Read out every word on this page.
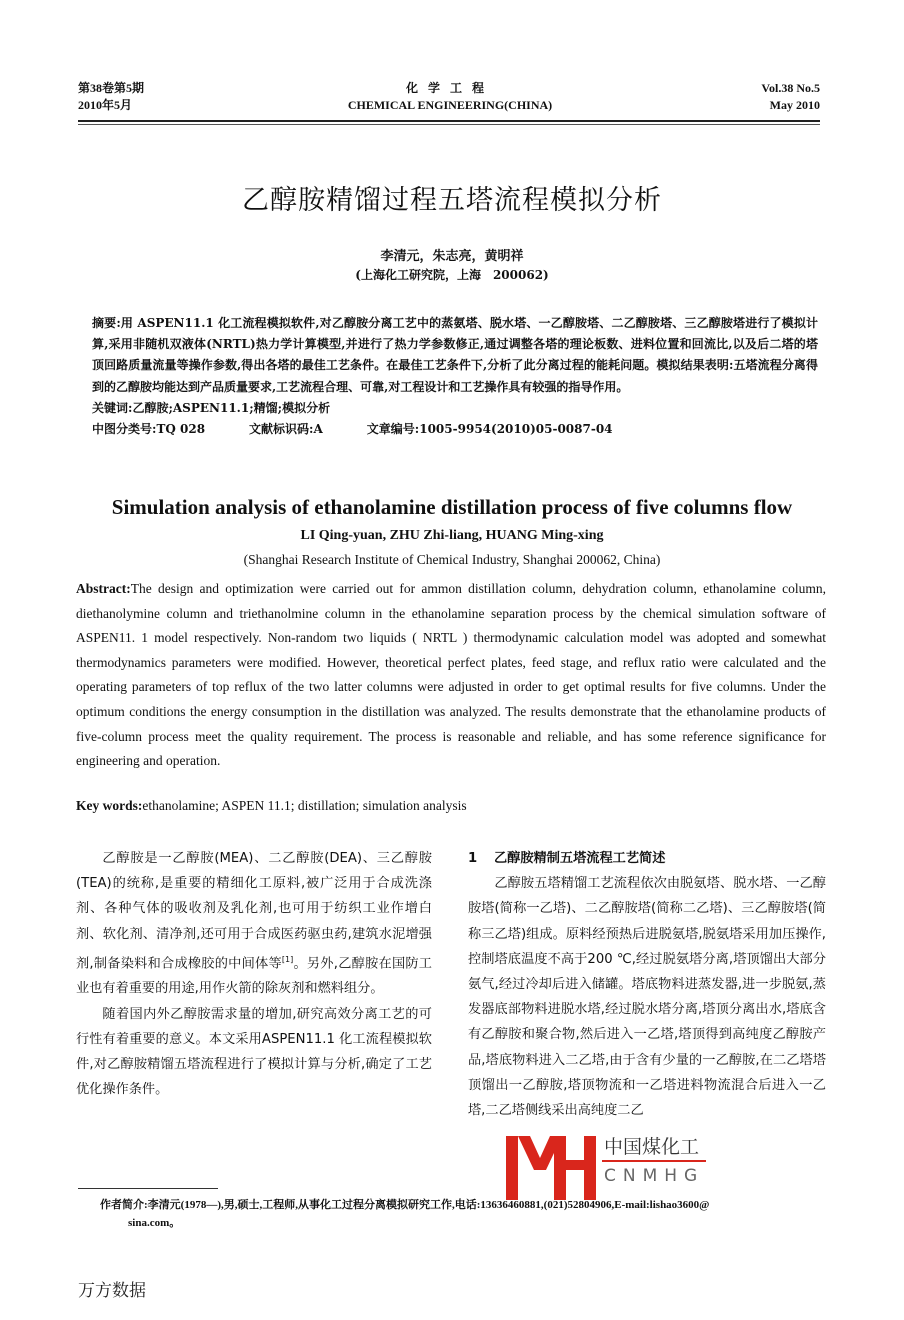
第38卷第5期
2010年5月
化学工程
CHEMICAL ENGINEERING(CHINA)
Vol.38 No.5
May 2010
乙醇胺精馏过程五塔流程模拟分析
李清元，朱志亮，黄明祥
(上海化工研究院，上海　200062)
摘要:用 ASPEN11.1 化工流程模拟软件,对乙醇胺分离工艺中的蒸氨塔、脱水塔、一乙醇胺塔、二乙醇胺塔、三乙醇胺塔进行了模拟计算,采用非随机双液体(NRTL)热力学计算模型,并进行了热力学参数修正,通过调整各塔的理论板数、进料位置和回流比,以及后二塔的塔顶回路质量流量等操作参数,得出各塔的最佳工艺条件。在最佳工艺条件下,分析了此分离过程的能耗问题。模拟结果表明:五塔流程分离得到的乙醇胺均能达到产品质量要求,工艺流程合理、可靠,对工程设计和工艺操作具有较强的指导作用。
关键词:乙醇胺;ASPEN11.1;精馏;模拟分析
中图分类号:TQ 028	文献标识码:A	文章编号:1005-9954(2010)05-0087-04
Simulation analysis of ethanolamine distillation process of five columns flow
LI Qing-yuan, ZHU Zhi-liang, HUANG Ming-xing
(Shanghai Research Institute of Chemical Industry, Shanghai 200062, China)
Abstract:The design and optimization were carried out for ammon distillation column, dehydration column, ethanolamine column, diethanolymine column and triethanolmine column in the ethanolamine separation process by the chemical simulation software of ASPEN11. 1 model respectively. Non-random two liquids ( NRTL ) thermodynamic calculation model was adopted and somewhat thermodynamics parameters were modified. However, theoretical perfect plates, feed stage, and reflux ratio were calculated and the operating parameters of top reflux of the two latter columns were adjusted in order to get optimal results for five columns. Under the optimum conditions the energy consumption in the distillation was analyzed. The results demonstrate that the ethanolamine products of five-column process meet the quality requirement. The process is reasonable and reliable, and has some reference significance for engineering and operation.
Key words:ethanolamine; ASPEN 11.1; distillation; simulation analysis

乙醇胺是一乙醇胺(MEA)、二乙醇胺(DEA)、三乙醇胺(TEA)的统称,是重要的精细化工原料,被广泛用于合成洗涤剂、各种气体的吸收剂及乳化剂,也可用于纺织工业作增白剂、软化剂、清净剂,还可用于合成医药驱虫药,建筑水泥增强剂,制备染料和合成橡胶的中间体等[1]。另外,乙醇胺在国防工业也有着重要的用途,用作火箭的除灰剂和燃料组分。

随着国内外乙醇胺需求量的增加,研究高效分离工艺的可行性有着重要的意义。本文采用ASPEN11.1 化工流程模拟软件,对乙醇胺精馏五塔流程进行了模拟计算与分析,确定了工艺优化操作条件。

1 乙醇胺精制五塔流程工艺简述

乙醇胺五塔精馏工艺流程依次由脱氨塔、脱水塔、一乙醇胺塔(简称一乙塔)、二乙醇胺塔(简称二乙塔)、三乙醇胺塔(简称三乙塔)组成。原料经预热后进脱氨塔,脱氨塔采用加压操作,控制塔底温度不高于200 ℃,经过脱氨塔分离,塔顶馏出大部分氨气,经过冷却后进入储罐。塔底物料进蒸发器,进一步脱氨,蒸发器底部物料进脱水塔,经过脱水塔分离,塔顶分离出水,塔底含有乙醇胺和聚合物,然后进入一乙塔,塔顶得到高纯度乙醇胺产品,塔底物料进入二乙塔,由于含有少量的一乙醇胺,在二乙塔塔顶馏出一乙醇胺,塔顶物流和一乙塔进料物流混合后进入一乙塔,二乙塔侧线采出高纯度二乙

中国煤化工
CNMHG
作者简介:李清元(1978—),男,硕士,工程师,从事化工过程分离模拟研究工作,电话:13636460881,(021)52804906,E-mail:lishao3600@
sina.com。
万方数据
